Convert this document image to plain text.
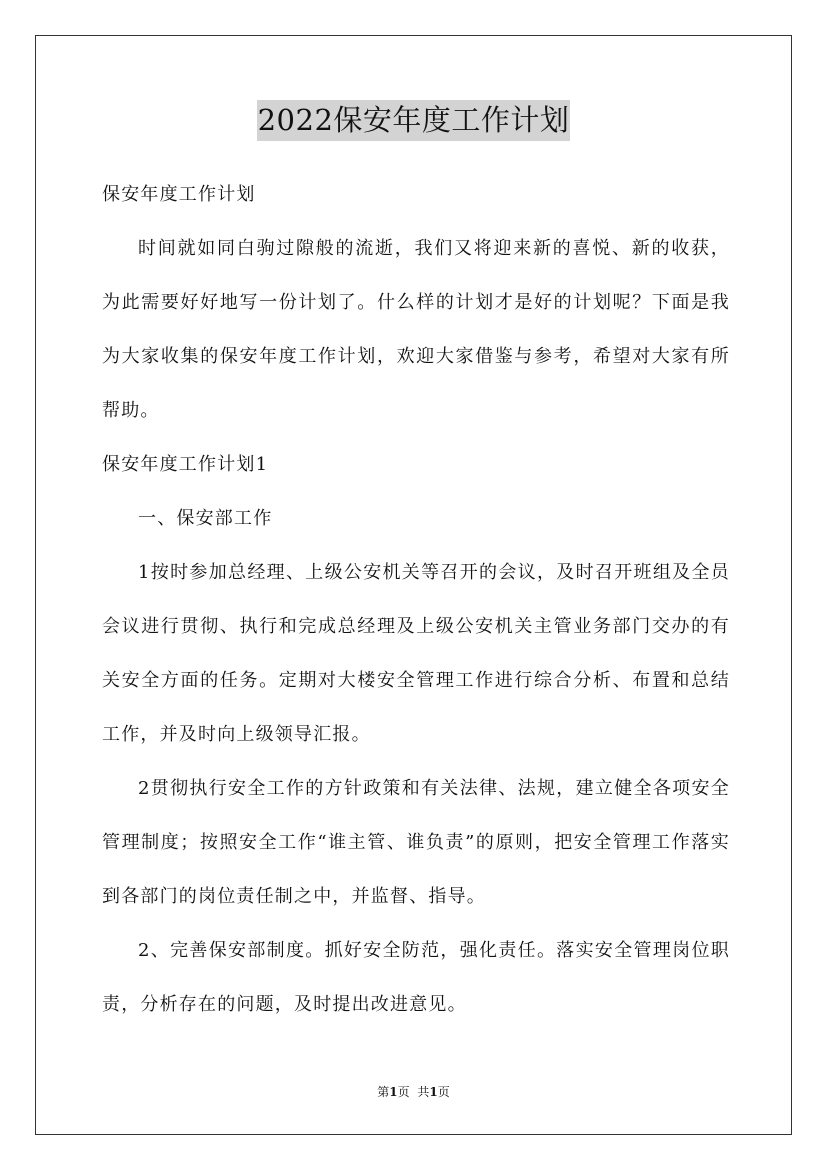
2022保安年度工作计划

保安年度工作计划

时间就如同白驹过隙般的流逝，我们又将迎来新的喜悦、新的收获，为此需要好好地写一份计划了。什么样的计划才是好的计划呢？下面是我为大家收集的保安年度工作计划，欢迎大家借鉴与参考，希望对大家有所帮助。

保安年度工作计划1

一、保安部工作

1按时参加总经理、上级公安机关等召开的会议，及时召开班组及全员会议进行贯彻、执行和完成总经理及上级公安机关主管业务部门交办的有关安全方面的任务。定期对大楼安全管理工作进行综合分析、布置和总结工作，并及时向上级领导汇报。

2贯彻执行安全工作的方针政策和有关法律、法规，建立健全各项安全管理制度；按照安全工作“谁主管、谁负责”的原则，把安全管理工作落实到各部门的岗位责任制之中，并监督、指导。

2、完善保安部制度。抓好安全防范，强化责任。落实安全管理岗位职责，分析存在的问题，及时提出改进意见。

第1页 共1页
